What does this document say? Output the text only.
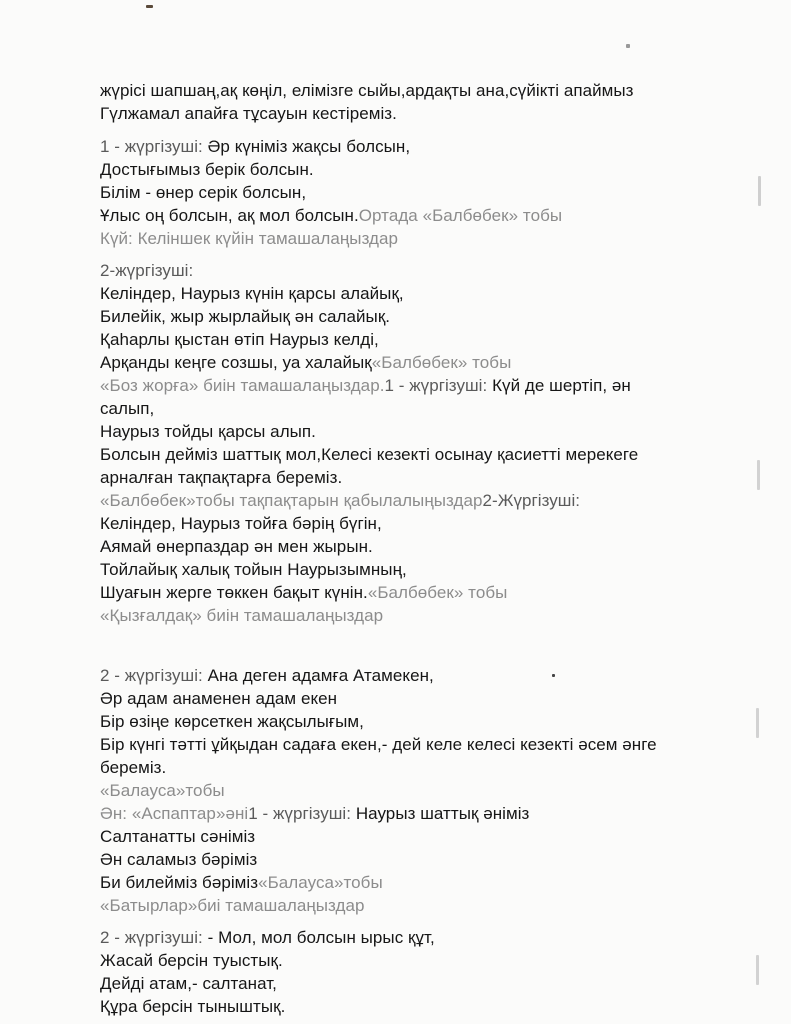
жүрісі шапшаң,ақ көңіл, елімізге сыйы,ардақты ана,сүйікті апаймыз
Гүлжамал апайға тұсауын кестіреміз.
1 - жүргізуші: Әр күніміз жақсы болсын,
Достығымыз берік болсын.
Білім - өнер серік болсын,
Ұлыс оң болсын, ақ мол болсын.Ортада «Балбөбек» тобы
Күй: Келіншек күйін тамашалаңыздар
2-жүргізуші:
Келіндер, Наурыз күнін қарсы алайық,
Билейік, жыр жырлайық ән салайық.
Қаһарлы қыстан өтіп Наурыз келді,
Арқанды кеңге созшы, уа халайық«Балбөбек» тобы
«Боз жорға» биін тамашалаңыздар.1 - жүргізуші: Күй де шертіп, ән
салып,
Наурыз тойды қарсы алып.
Болсын дейміз шаттық мол,Келесі кезекті осынау қасиетті мерекеге
арналған тақпақтарға береміз.
«Балбөбек»тобы тақпақтарын қабылалыңыздар2-Жүргізуші:
Келіндер, Наурыз тойға бәрің бүгін,
Аямай өнерпаздар ән мен жырын.
Тойлайық халық тойын Наурызымның,
Шуағын жерге төккен бақыт күнін.«Балбөбек» тобы
«Қызғалдақ» биін тамашалаңыздар
2 - жүргізуші: Ана деген адамға Атамекен,
Әр адам анаменен адам екен
Бір өзіңе көрсеткен жақсылығым,
Бір күнгі тәтті ұйқыдан садаға екен,- дей келе келесі кезекті әсем әнге
береміз.
«Балауса»тобы
Ән: «Аспаптар»әні1 - жүргізуші: Наурыз шаттық әніміз
Салтанатты сәніміз
Ән саламыз бәріміз
Би билейміз бәріміз«Балауса»тобы
«Батырлар»биі тамашалаңыздар
2 - жүргізуші: - Мол, мол болсын ырыс құт,
Жасай берсін туыстық.
Дейді атам,- салтанат,
Құра берсін тыныштық.
